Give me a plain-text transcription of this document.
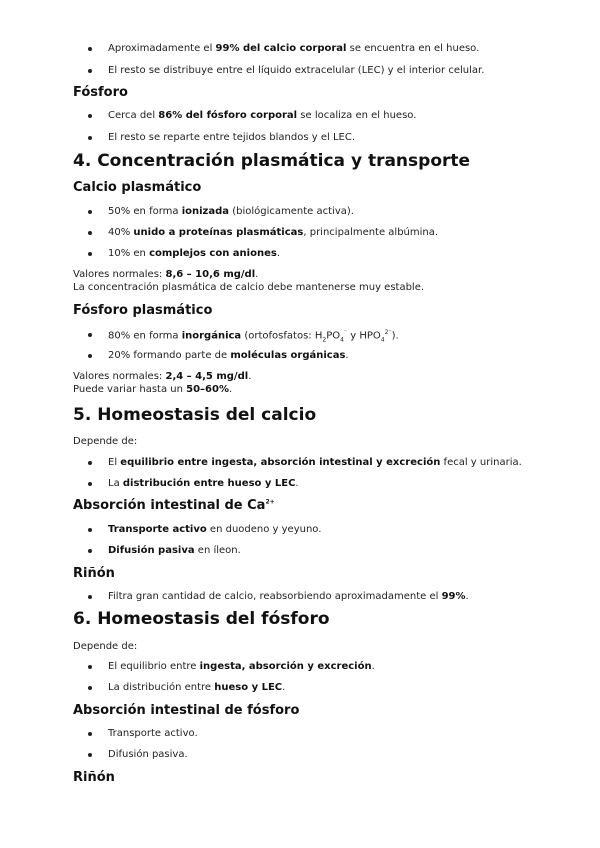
Aproximadamente el 99% del calcio corporal se encuentra en el hueso.
El resto se distribuye entre el líquido extracelular (LEC) y el interior celular.
Fósforo
Cerca del 86% del fósforo corporal se localiza en el hueso.
El resto se reparte entre tejidos blandos y el LEC.
4. Concentración plasmática y transporte
Calcio plasmático
50% en forma ionizada (biológicamente activa).
40% unido a proteínas plasmáticas, principalmente albúmina.
10% en complejos con aniones.
Valores normales: 8,6 – 10,6 mg/dl.
La concentración plasmática de calcio debe mantenerse muy estable.
Fósforo plasmático
80% en forma inorgánica (ortofosfatos: $H_2PO_4^{^-}$ y $HPO_4^{2^-}$).
20% formando parte de moléculas orgánicas.
Valores normales: 2,4 – 4,5 mg/dl.
Puede variar hasta un 50–60%.
5. Homeostasis del calcio
Depende de:
El equilibrio entre ingesta, absorción intestinal y excreción fecal y urinaria.
La distribución entre hueso y LEC.
Absorción intestinal de $Ca^{2+}$
Transporte activo en duodeno y yeyuno.
Difusión pasiva en íleon.
Riñón
Filtra gran cantidad de calcio, reabsorbiendo aproximadamente el 99%.
6. Homeostasis del fósforo
Depende de:
El equilibrio entre ingesta, absorción y excreción.
La distribución entre hueso y LEC.
Absorción intestinal de fósforo
Transporte activo.
Difusión pasiva.
Riñón
